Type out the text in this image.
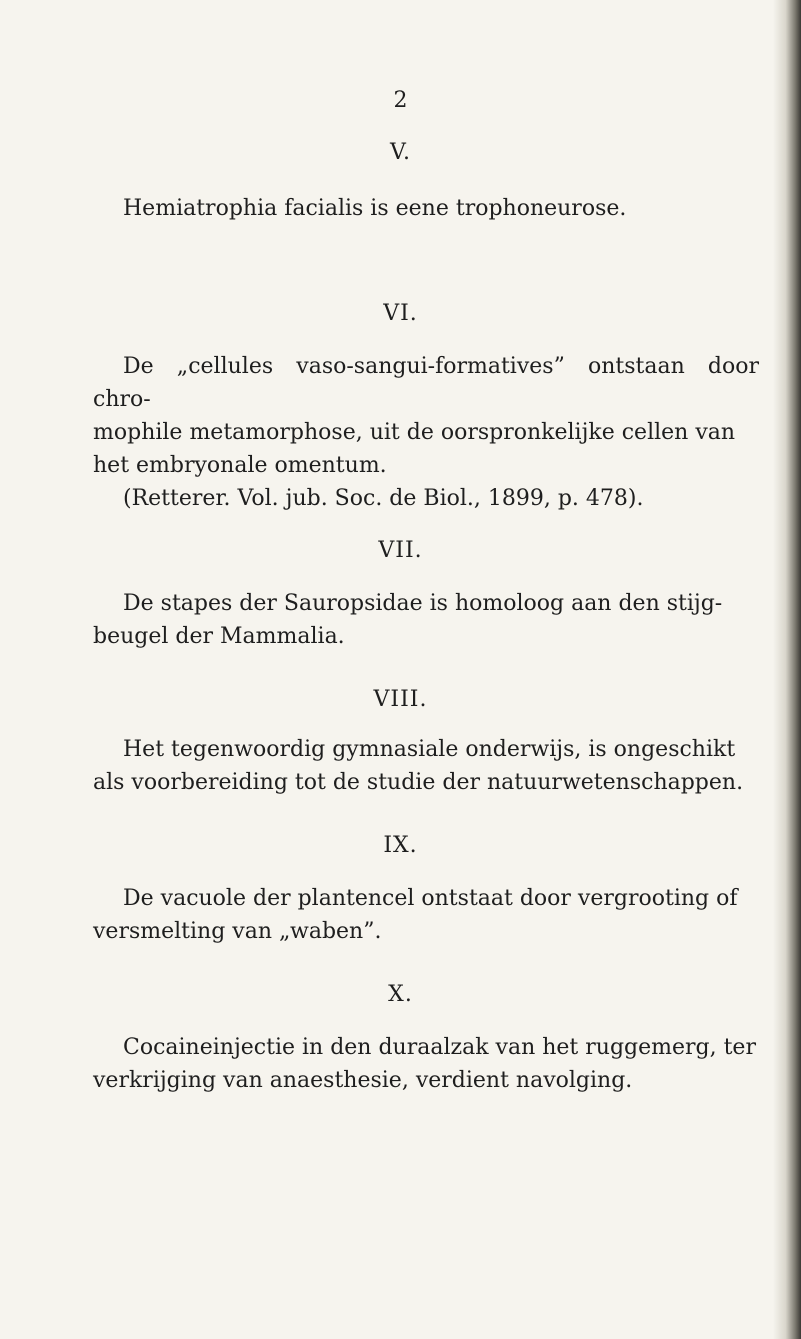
2
V.

Hemiatrophia facialis is eene trophoneurose.

VI.

De „cellules vaso-sangui-formatives” ontstaan door chro-

mophile metamorphose, uit de oorspronkelijke cellen van

het embryonale omentum.

(Retterer. Vol. jub. Soc. de Biol., 1899, p. 478).

VII.

De stapes der Sauropsidae is homoloog aan den stijg-

beugel der Mammalia.

VIII.

Het tegenwoordig gymnasiale onderwijs, is ongeschikt

als voorbereiding tot de studie der natuurwetenschappen.

IX.

De vacuole der plantencel ontstaat door vergrooting of

versmelting van „waben”.

X.

Cocaineinjectie in den duraalzak van het ruggemerg, ter

verkrijging van anaesthesie, verdient navolging.
